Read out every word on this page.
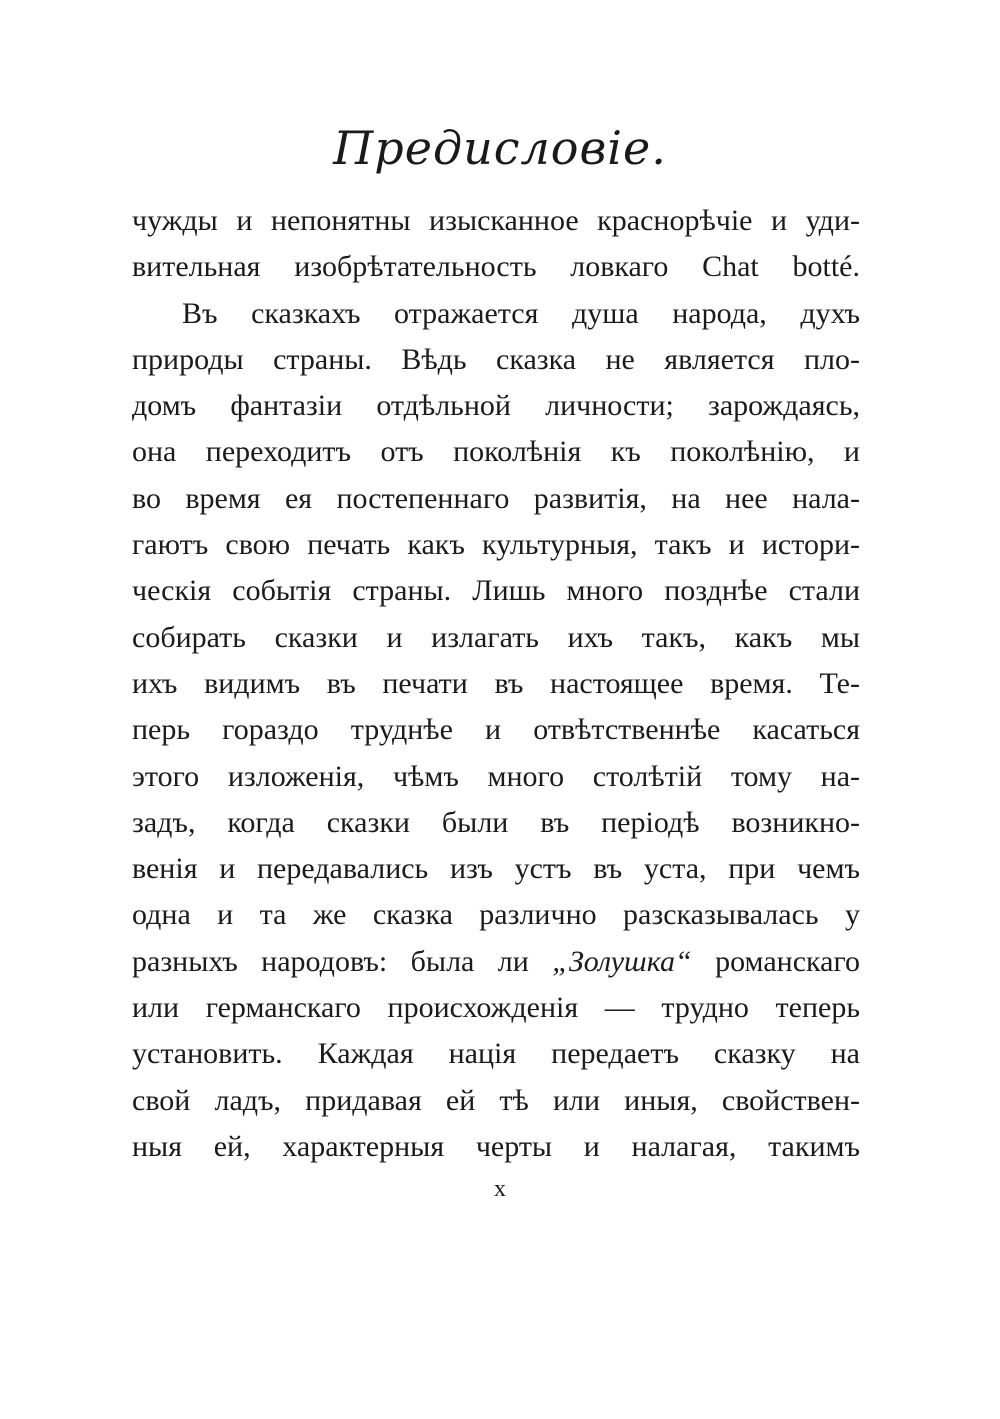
Предисловіе.
чужды и непонятны изысканное краснорѣчіе и уди-
вительная изобрѣтательность ловкаго Chat botté.
Въ сказкахъ отражается душа народа, духъ
природы страны. Вѣдь сказка не является пло-
домъ фантазіи отдѣльной личности; зарождаясь,
она переходитъ отъ поколѣнія къ поколѣнію, и
во время ея постепеннаго развитія, на нее нала-
гаютъ свою печать какъ культурныя, такъ и истори-
ческія событія страны. Лишь много позднѣе стали
собирать сказки и излагать ихъ такъ, какъ мы
ихъ видимъ въ печати въ настоящее время. Те-
перь гораздо труднѣе и отвѣтственнѣе касаться
этого изложенія, чѣмъ много столѣтій тому на-
задъ, когда сказки были въ періодѣ возникно-
венія и передавались изъ устъ въ уста, при чемъ
одна и та же сказка различно разсказывалась у
разныхъ народовъ: была ли „Золушка“ романскаго
или германскаго происхожденія — трудно теперь
установить. Каждая нація передаетъ сказку на
свой ладъ, придавая ей тѣ или иныя, свойствен-
ныя ей, характерныя черты и налагая, такимъ
x
